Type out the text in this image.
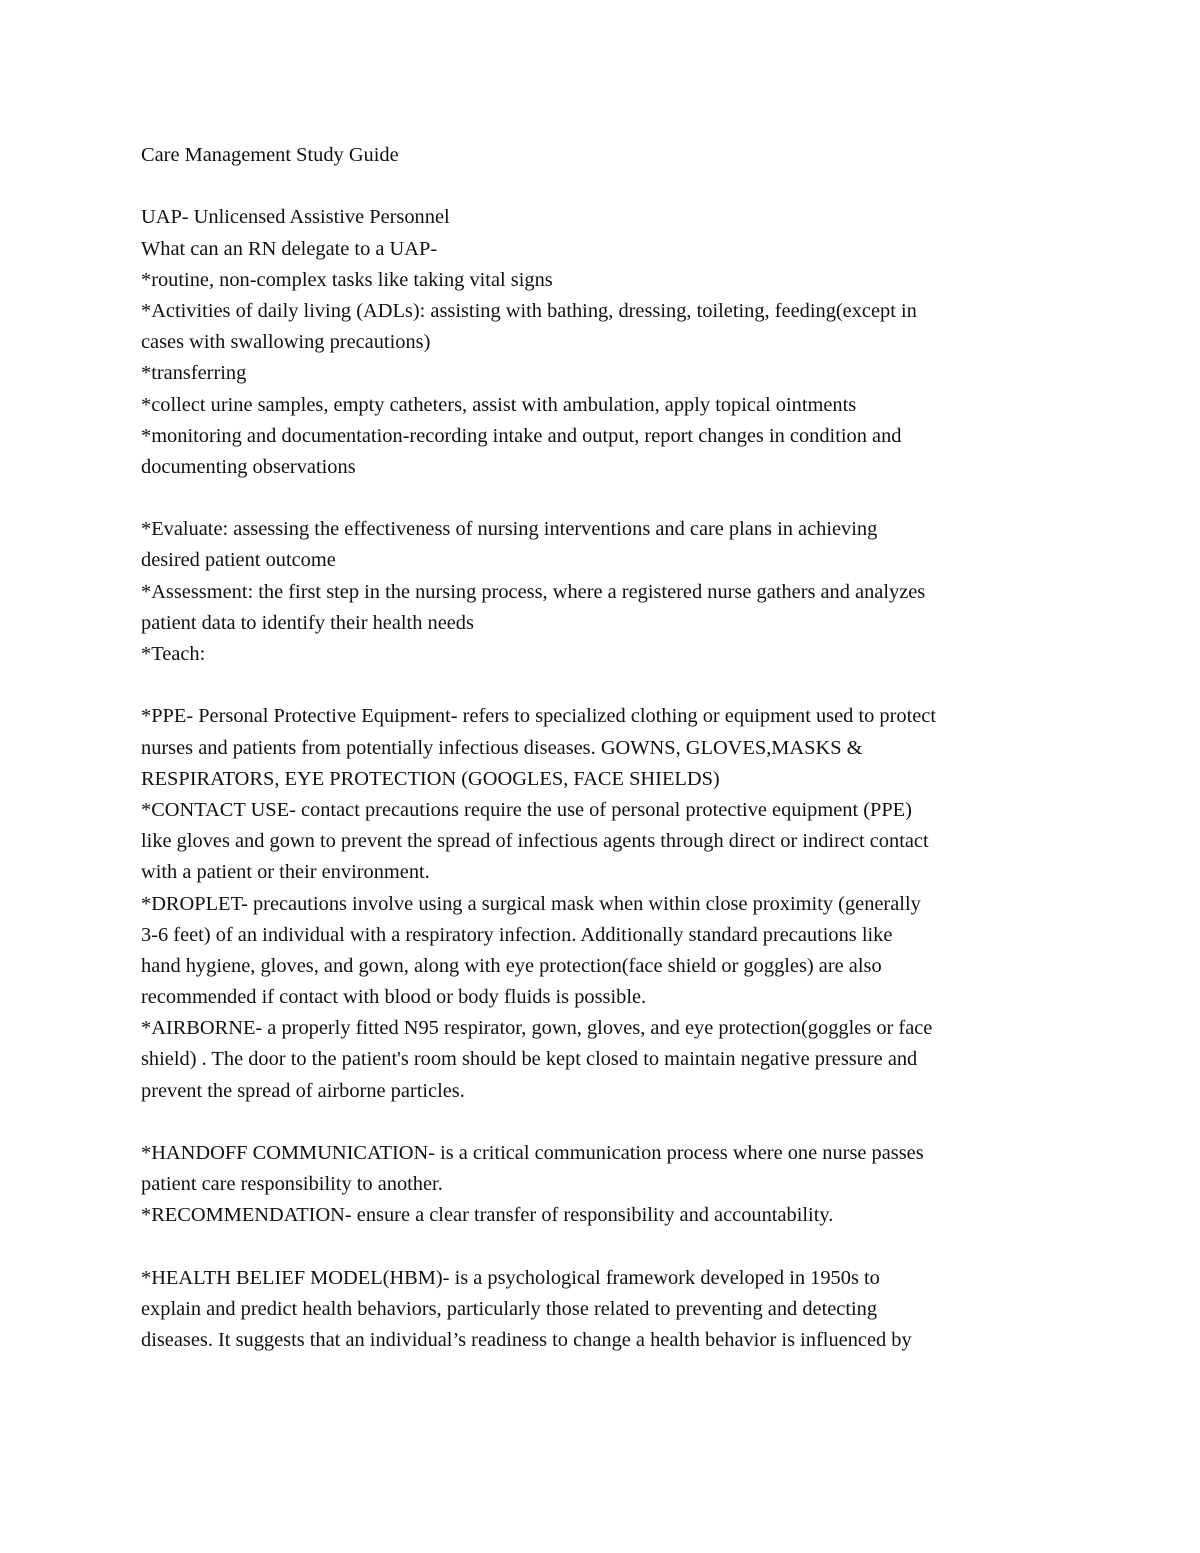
Care Management Study Guide
UAP- Unlicensed Assistive Personnel
What can an RN delegate to a UAP-
*routine, non-complex tasks like taking vital signs
*Activities of daily living (ADLs): assisting with bathing, dressing, toileting, feeding(except in
cases with swallowing precautions)
*transferring
*collect urine samples, empty catheters, assist with ambulation, apply topical ointments
*monitoring and documentation-recording intake and output, report changes in condition and
documenting observations
*Evaluate: assessing the effectiveness of nursing interventions and care plans in achieving
desired patient outcome
*Assessment: the first step in the nursing process, where a registered nurse gathers and analyzes
patient data to identify their health needs
*Teach:
*PPE- Personal Protective Equipment- refers to specialized clothing or equipment used to protect
nurses and patients from potentially infectious diseases. GOWNS, GLOVES,MASKS &
RESPIRATORS, EYE PROTECTION (GOOGLES, FACE SHIELDS)
*CONTACT USE- contact precautions require the use of personal protective equipment (PPE)
like gloves and gown to prevent the spread of infectious agents through direct or indirect contact
with a patient or their environment.
*DROPLET- precautions involve using a surgical mask when within close proximity (generally
3-6 feet) of an individual with a respiratory infection. Additionally standard precautions like
hand hygiene, gloves, and gown, along with eye protection(face shield or goggles) are also
recommended if contact with blood or body fluids is possible.
*AIRBORNE- a properly fitted N95 respirator, gown, gloves, and eye protection(goggles or face
shield) . The door to the patient's room should be kept closed to maintain negative pressure and
prevent the spread of airborne particles.
*HANDOFF COMMUNICATION- is a critical communication process where one nurse passes
patient care responsibility to another.
*RECOMMENDATION- ensure a clear transfer of responsibility and accountability.
*HEALTH BELIEF MODEL(HBM)- is a psychological framework developed in 1950s to
explain and predict health behaviors, particularly those related to preventing and detecting
diseases. It suggests that an individual’s readiness to change a health behavior is influenced by
